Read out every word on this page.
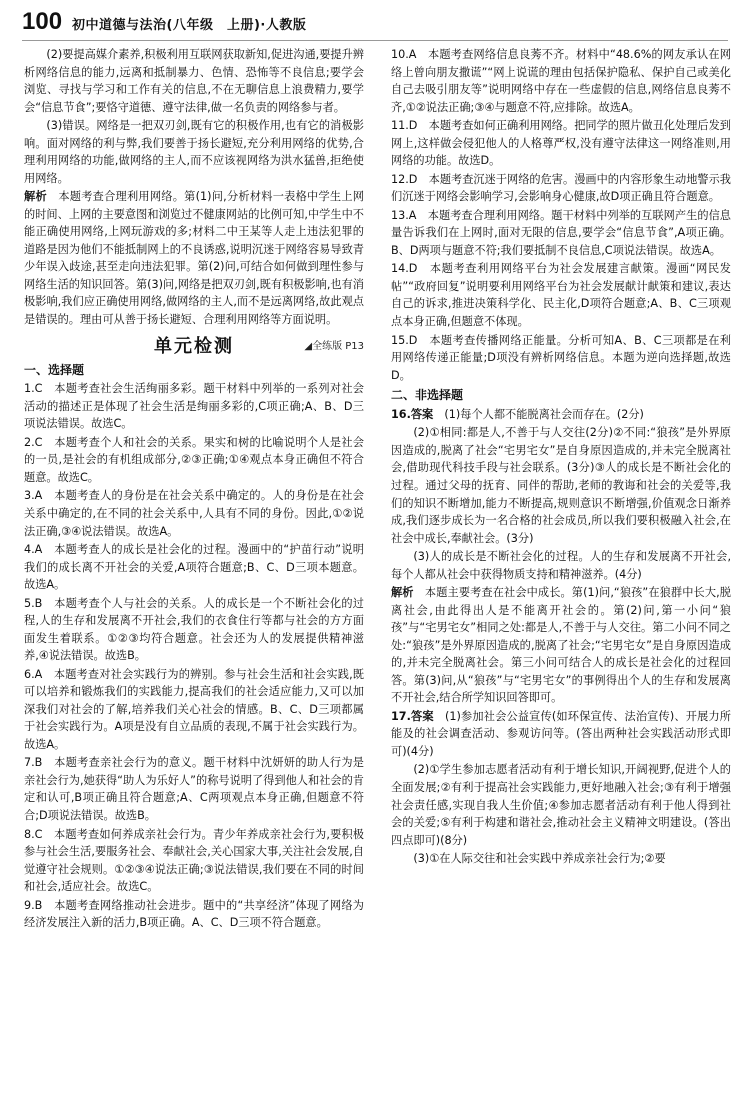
100 初中道德与法治(八年级　上册)·人教版

(2)要提高媒介素养,积极利用互联网获取新知,促进沟通,要提升辨析网络信息的能力,远离和抵制暴力、色情、恐怖等不良信息;要学会浏览、寻找与学习和工作有关的信息,不在无聊信息上浪费精力,要学会“信息节食”;要恪守道德、遵守法律,做一名负责的网络参与者。

(3)错误。网络是一把双刃剑,既有它的积极作用,也有它的消极影响。面对网络的利与弊,我们要善于扬长避短,充分利用网络的优势,合理利用网络的功能,做网络的主人,而不应该视网络为洪水猛兽,拒绝使用网络。

解析　 本题考查合理利用网络。第(1)问,分析材料一表格中学生上网的时间、上网的主要意图和浏览过不健康网站的比例可知,中学生中不能正确使用网络,上网玩游戏的多;材料二中王某等人走上违法犯罪的道路是因为他们不能抵制网上的不良诱惑,说明沉迷于网络容易导致青少年误入歧途,甚至走向违法犯罪。第(2)问,可结合如何做到理性参与网络生活的知识回答。第(3)问,网络是把双刃剑,既有积极影响,也有消极影响,我们应正确使用网络,做网络的主人,而不是远离网络,故此观点是错误的。理由可从善于扬长避短、合理利用网络等方面说明。

单元检测	◢全练版 P13
一、选择题

1.C　本题考查社会生活绚丽多彩。题干材料中列举的一系列对社会活动的描述正是体现了社会生活是绚丽多彩的,C项正确;A、B、D三项说法错误。故选C。

2.C　本题考查个人和社会的关系。果实和树的比喻说明个人是社会的一员,是社会的有机组成部分,②③正确;①④观点本身正确但不符合题意。故选C。

3.A　本题考查人的身份是在社会关系中确定的。人的身份是在社会关系中确定的,在不同的社会关系中,人具有不同的身份。因此,①②说法正确,③④说法错误。故选A。

4.A　本题考查人的成长是社会化的过程。漫画中的“护苗行动”说明我们的成长离不开社会的关爱,A项符合题意;B、C、D三项本题意。故选A。

5.B　本题考查个人与社会的关系。人的成长是一个不断社会化的过程,人的生存和发展离不开社会,我们的衣食住行等都与社会的方方面面发生着联系。①②③均符合题意。社会还为人的发展提供精神滋养,④说法错误。故选B。

6.A　本题考查对社会实践行为的辨别。参与社会生活和社会实践,既可以培养和锻炼我们的实践能力,提高我们的社会适应能力,又可以加深我们对社会的了解,培养我们关心社会的情感。B、C、D三项都属于社会实践行为。A项是没有自立品质的表现,不属于社会实践行为。故选A。

7.B　本题考查亲社会行为的意义。题干材料中沈妍妍的助人行为是亲社会行为,她获得“助人为乐好人”的称号说明了得到他人和社会的肯定和认可,B项正确且符合题意;A、C两项观点本身正确,但题意不符合;D项说法错误。故选B。

8.C　本题考查如何养成亲社会行为。青少年养成亲社会行为,要积极参与社会生活,要服务社会、奉献社会,关心国家大事,关注社会发展,自觉遵守社会规则。①②③④说法正确;③说法错误,我们要在不同的时间和社会,适应社会。故选C。

9.B　本题考查网络推动社会进步。题中的“共享经济”体现了网络为经济发展注入新的活力,B项正确。A、C、D三项不符合题意。

10.A　本题考查网络信息良莠不齐。材料中“48.6%的网友承认在网络上曾向朋友撒谎”“网上说谎的理由包括保护隐私、保护自己或美化自己去吸引朋友等”说明网络中存在一些虚假的信息,网络信息良莠不齐,①②说法正确;③④与题意不符,应排除。故选A。

11.D　本题考查如何正确利用网络。把同学的照片做丑化处理后发到网上,这样做会侵犯他人的人格尊严权,没有遵守法律这一网络准则,用网络的功能。故选D。

12.D　本题考查沉迷于网络的危害。漫画中的内容形象生动地警示我们沉迷于网络会影响学习,会影响身心健康,故D项正确且符合题意。

13.A　本题考查合理利用网络。题干材料中列举的互联网产生的信息量告诉我们在上网时,面对无限的信息,要学会“信息节食”,A项正确。B、D两项与题意不符;我们要抵制不良信息,C项说法错误。故选A。

14.D　本题考查利用网络平台为社会发展建言献策。漫画“网民发帖”“政府回复”说明要利用网络平台为社会发展献计献策和建议,表达自己的诉求,推进决策科学化、民主化,D项符合题意;A、B、C三项观点本身正确,但题意不体现。

15.D　本题考查传播网络正能量。分析可知A、B、C三项都是在利用网络传递正能量;D项没有辨析网络信息。本题为逆向选择题,故选D。

二、非选择题

16.答案　 (1)每个人都不能脱离社会而存在。(2分)

(2)①相同:都是人,不善于与人交往(2分)②不同:“狼孩”是外界原因造成的,脱离了社会“宅男宅女”是自身原因造成的,并未完全脱离社会,借助现代科技手段与社会联系。(3分)③人的成长是不断社会化的过程。通过父母的抚育、同伴的帮助,老师的教诲和社会的关爱等,我们的知识不断增加,能力不断提高,规则意识不断增强,价值观念日渐养成,我们逐步成长为一名合格的社会成员,所以我们要积极融入社会,在社会中成长,奉献社会。(3分)

(3)人的成长是不断社会化的过程。人的生存和发展离不开社会,每个人都从社会中获得物质支持和精神滋养。(4分)

解析　 本题主要考查在社会中成长。第(1)问,“狼孩”在狼群中长大,脱离社会,由此得出人是不能离开社会的。第(2)问,第一小问“狼孩”与“宅男宅女”相同之处:都是人,不善于与人交往。第二小问不同之处:“狼孩”是外界原因造成的,脱离了社会;“宅男宅女”是自身原因造成的,并未完全脱离社会。第三小问可结合人的成长是社会化的过程回答。第(3)问,从“狼孩”与“宅男宅女”的事例得出个人的生存和发展离不开社会,结合所学知识回答即可。

17.答案　 (1)参加社会公益宣传(如环保宣传、法治宣传)、开展力所能及的社会调查活动、参观访问等。(答出两种社会实践活动形式即可)(4分)

(2)①学生参加志愿者活动有利于增长知识,开阔视野,促进个人的全面发展;②有利于提高社会实践能力,更好地融入社会;③有利于增强社会责任感,实现自我人生价值;④参加志愿者活动有利于他人得到社会的关爱;⑤有利于构建和谐社会,推动社会主义精神文明建设。(答出四点即可)(8分)

(3)①在人际交往和社会实践中养成亲社会行为;②要
